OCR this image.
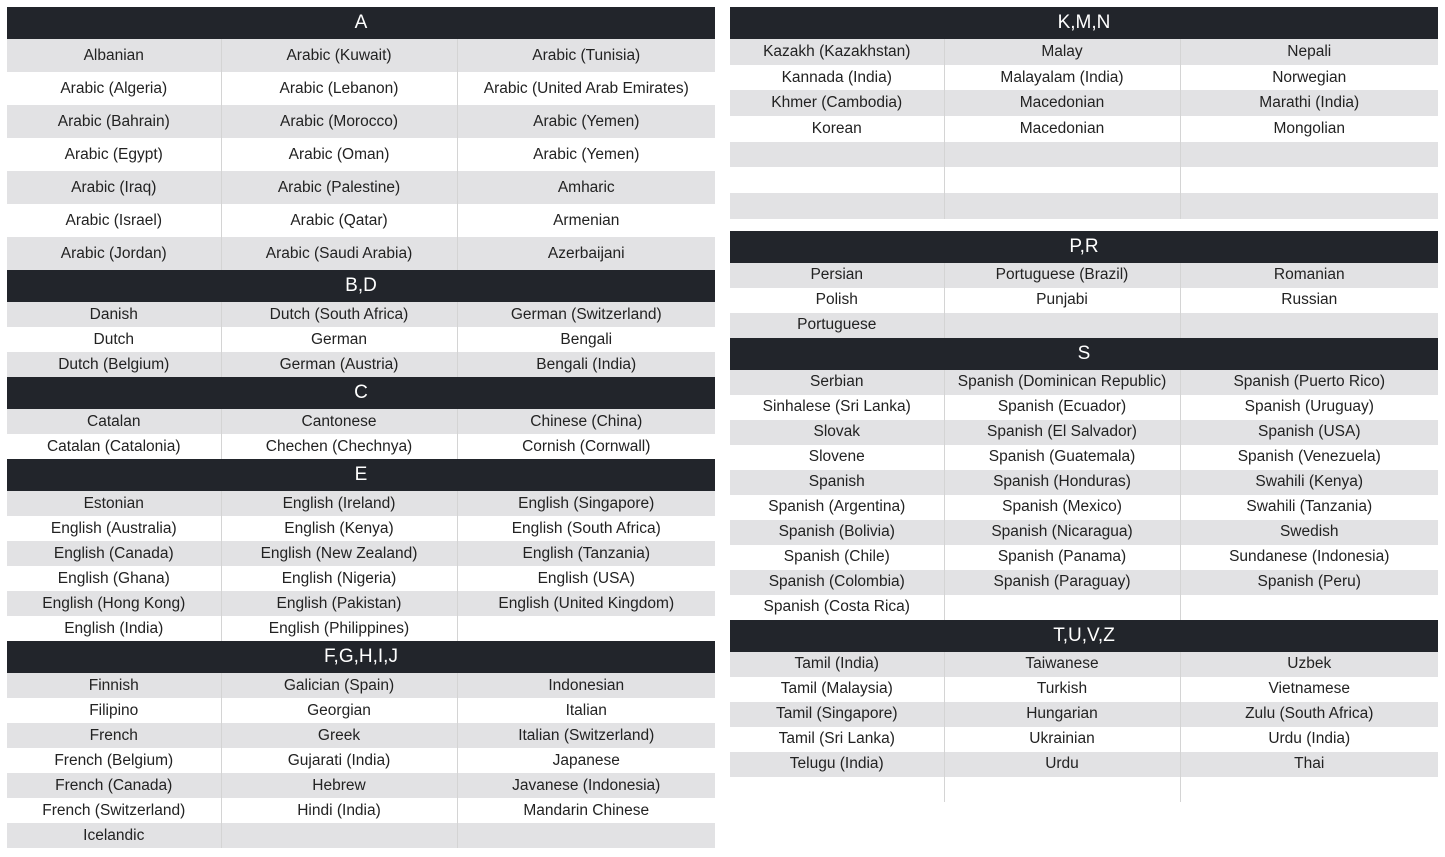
A
Albanian	Arabic (Kuwait)	Arabic (Tunisia)
Arabic (Algeria)	Arabic (Lebanon)	Arabic (United Arab Emirates)
Arabic (Bahrain)	Arabic (Morocco)	Arabic (Yemen)
Arabic (Egypt)	Arabic (Oman)	Arabic (Yemen)
Arabic (Iraq)	Arabic (Palestine)	Amharic
Arabic (Israel)	Arabic (Qatar)	Armenian
Arabic (Jordan)	Arabic (Saudi Arabia)	Azerbaijani
B,D
Danish	Dutch (South Africa)	German (Switzerland)
Dutch	German	Bengali
Dutch (Belgium)	German (Austria)	Bengali (India)
C
Catalan	Cantonese	Chinese (China)
Catalan (Catalonia)	Chechen (Chechnya)	Cornish (Cornwall)
E
Estonian	English (Ireland)	English (Singapore)
English (Australia)	English (Kenya)	English (South Africa)
English (Canada)	English (New Zealand)	English (Tanzania)
English (Ghana)	English (Nigeria)	English (USA)
English (Hong Kong)	English (Pakistan)	English (United Kingdom)
English (India)	English (Philippines)	
F,G,H,I,J
Finnish	Galician (Spain)	Indonesian
Filipino	Georgian	Italian
French	Greek	Italian (Switzerland)
French (Belgium)	Gujarati (India)	Japanese
French (Canada)	Hebrew	Javanese (Indonesia)
French (Switzerland)	Hindi (India)	Mandarin Chinese
Icelandic		
K,M,N
Kazakh (Kazakhstan)	Malay	Nepali
Kannada (India)	Malayalam (India)	Norwegian
Khmer (Cambodia)	Macedonian	Marathi (India)
Korean	Macedonian	Mongolian

P,R
Persian	Portuguese (Brazil)	Romanian
Polish	Punjabi	Russian
Portuguese		
S
Serbian	Spanish (Dominican Republic)	Spanish (Puerto Rico)
Sinhalese (Sri Lanka)	Spanish (Ecuador)	Spanish (Uruguay)
Slovak	Spanish (El Salvador)	Spanish (USA)
Slovene	Spanish (Guatemala)	Spanish (Venezuela)
Spanish	Spanish (Honduras)	Swahili (Kenya)
Spanish (Argentina)	Spanish (Mexico)	Swahili (Tanzania)
Spanish (Bolivia)	Spanish (Nicaragua)	Swedish
Spanish (Chile)	Spanish (Panama)	Sundanese (Indonesia)
Spanish (Colombia)	Spanish (Paraguay)	Spanish (Peru)
Spanish (Costa Rica)		
T,U,V,Z
Tamil (India)	Taiwanese	Uzbek
Tamil (Malaysia)	Turkish	Vietnamese
Tamil (Singapore)	Hungarian	Zulu (South Africa)
Tamil (Sri Lanka)	Ukrainian	Urdu (India)
Telugu (India)	Urdu	Thai
